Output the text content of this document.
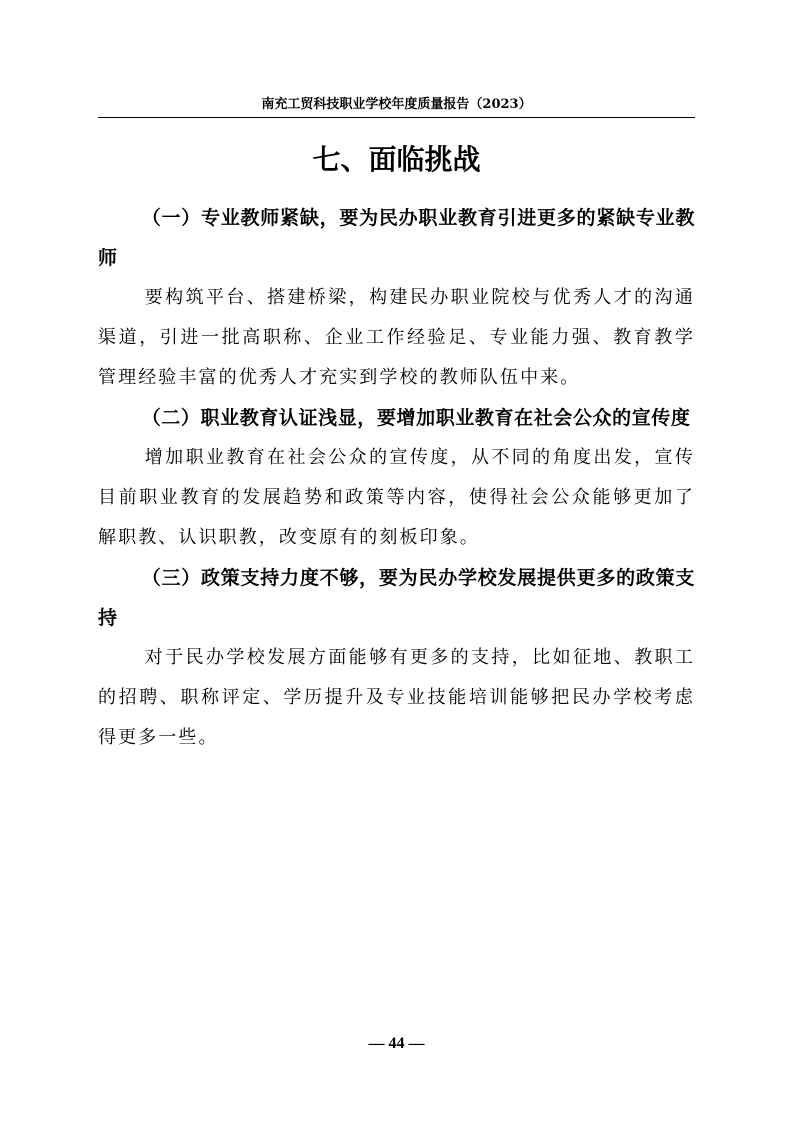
南充工贸科技职业学校年度质量报告（2023）
七、面临挑战

（一）专业教师紧缺，要为民办职业教育引进更多的紧缺专业教师

要构筑平台、搭建桥梁，构建民办职业院校与优秀人才的沟通渠道，引进一批高职称、企业工作经验足、专业能力强、教育教学管理经验丰富的优秀人才充实到学校的教师队伍中来。

（二）职业教育认证浅显，要增加职业教育在社会公众的宣传度

增加职业教育在社会公众的宣传度，从不同的角度出发，宣传目前职业教育的发展趋势和政策等内容，使得社会公众能够更加了解职教、认识职教，改变原有的刻板印象。

（三）政策支持力度不够，要为民办学校发展提供更多的政策支持

对于民办学校发展方面能够有更多的支持，比如征地、教职工的招聘、职称评定、学历提升及专业技能培训能够把民办学校考虑得更多一些。

— 44 —
